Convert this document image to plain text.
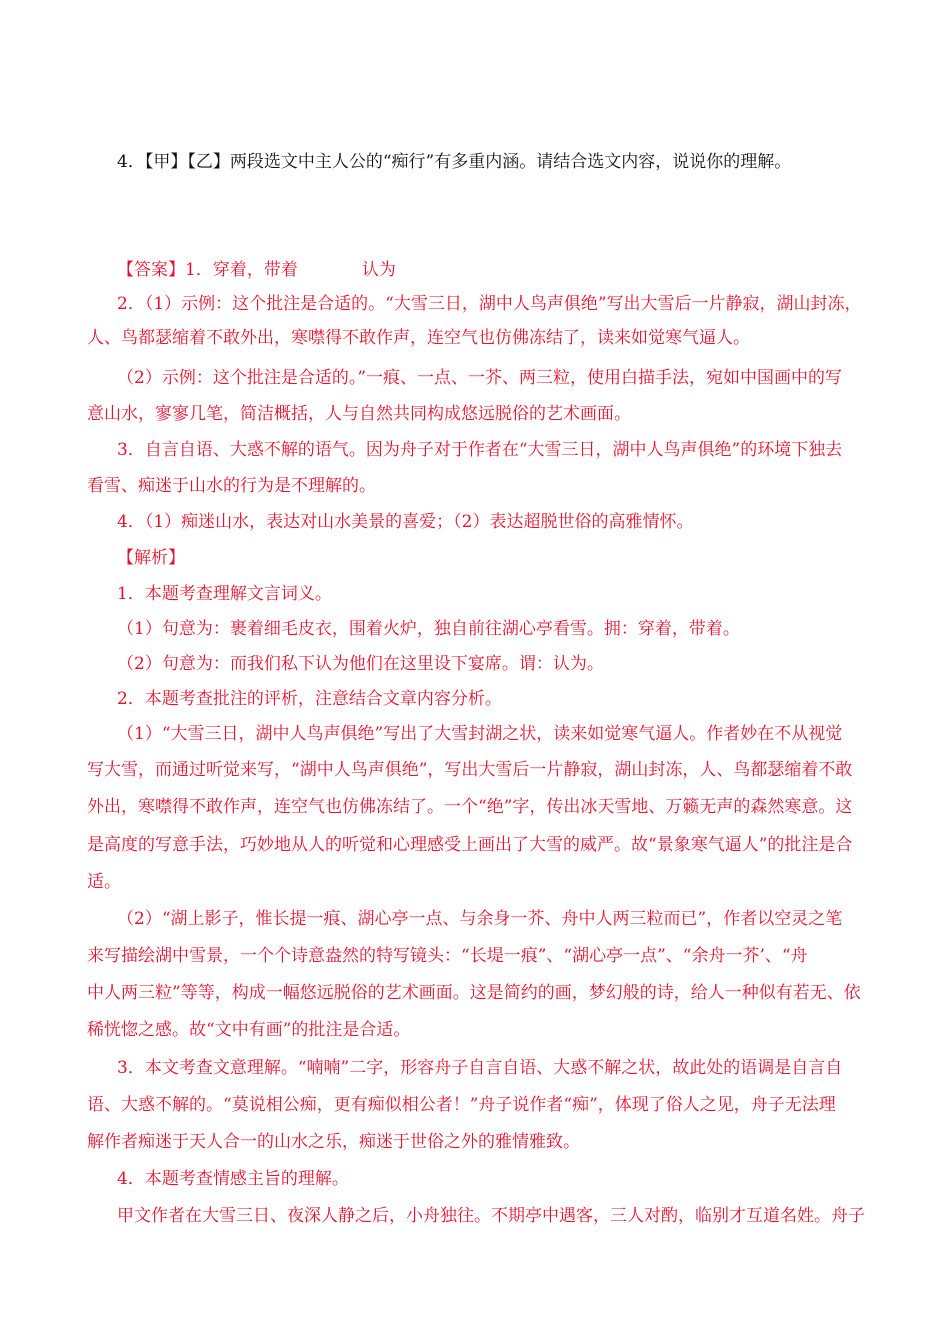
4．【甲】【乙】两段选文中主人公的“痴行”有多重内涵。请结合选文内容，说说你的理解。
【答案】1．穿着，带着	认为
2．（1）示例：这个批注是合适的。“大雪三日，湖中人鸟声俱绝”写出大雪后一片静寂，湖山封冻，
人、鸟都瑟缩着不敢外出，寒噤得不敢作声，连空气也仿佛冻结了，读来如觉寒气逼人。
（2）示例：这个批注是合适的。”一痕、一点、一芥、两三粒，使用白描手法，宛如中国画中的写
意山水，寥寥几笔，简洁概括，人与自然共同构成悠远脱俗的艺术画面。
3．自言自语、大惑不解的语气。因为舟子对于作者在“大雪三日，湖中人鸟声俱绝”的环境下独去
看雪、痴迷于山水的行为是不理解的。
4．（1）痴迷山水，表达对山水美景的喜爱；（2）表达超脱世俗的高雅情怀。
【解析】
1．本题考查理解文言词义。
（1）句意为：裹着细毛皮衣，围着火炉，独自前往湖心亭看雪。拥：穿着，带着。
（2）句意为：而我们私下认为他们在这里设下宴席。谓：认为。
2．本题考查批注的评析，注意结合文章内容分析。
（1）“大雪三日，湖中人鸟声俱绝”写出了大雪封湖之状，读来如觉寒气逼人。作者妙在不从视觉
写大雪，而通过听觉来写，“湖中人鸟声俱绝”，写出大雪后一片静寂，湖山封冻，人、鸟都瑟缩着不敢
外出，寒噤得不敢作声，连空气也仿佛冻结了。一个“绝”字，传出冰天雪地、万籁无声的森然寒意。这
是高度的写意手法，巧妙地从人的听觉和心理感受上画出了大雪的威严。故“景象寒气逼人”的批注是合
适。
（2）“湖上影子，惟长提一痕、湖心亭一点、与余身一芥、舟中人两三粒而已”，作者以空灵之笔
来写描绘湖中雪景，一个个诗意盎然的特写镜头：“长堤一痕”、“湖心亭一点”、“余舟一芥’、“舟
中人两三粒”等等，构成一幅悠远脱俗的艺术画面。这是简约的画，梦幻般的诗，给人一种似有若无、依
稀恍惚之感。故“文中有画”的批注是合适。
3．本文考查文意理解。“喃喃”二字，形容舟子自言自语、大惑不解之状，故此处的语调是自言自
语、大惑不解的。“莫说相公痴，更有痴似相公者！”舟子说作者“痴”，体现了俗人之见，舟子无法理
解作者痴迷于天人合一的山水之乐，痴迷于世俗之外的雅情雅致。
4．本题考查情感主旨的理解。
甲文作者在大雪三日、夜深人静之后，小舟独往。不期亭中遇客，三人对酌，临别才互道名姓。舟子
